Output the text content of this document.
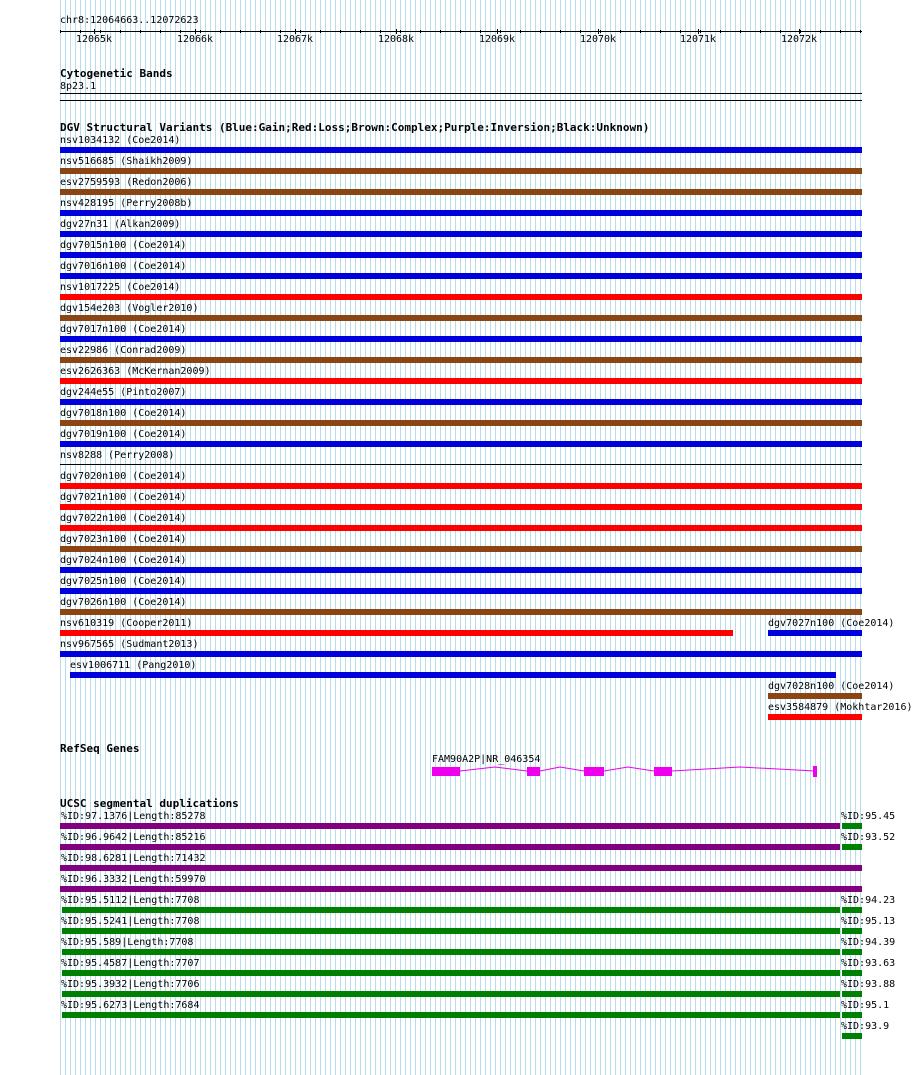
chr8:12064663..12072623
12065k	12066k	12067k	12068k	12069k	12070k	12071k	12072k
Cytogenetic Bands
8p23.1
DGV Structural Variants (Blue:Gain;Red:Loss;Brown:Complex;Purple:Inversion;Black:Unknown)
nsv1034132 (Coe2014)
nsv516685 (Shaikh2009)
esv2759593 (Redon2006)
nsv428195 (Perry2008b)
dgv27n31 (Alkan2009)
dgv7015n100 (Coe2014)
dgv7016n100 (Coe2014)
nsv1017225 (Coe2014)
dgv154e203 (Vogler2010)
dgv7017n100 (Coe2014)
esv22986 (Conrad2009)
esv2626363 (McKernan2009)
dgv244e55 (Pinto2007)
dgv7018n100 (Coe2014)
dgv7019n100 (Coe2014)
nsv8288 (Perry2008)
dgv7020n100 (Coe2014)
dgv7021n100 (Coe2014)
dgv7022n100 (Coe2014)
dgv7023n100 (Coe2014)
dgv7024n100 (Coe2014)
dgv7025n100 (Coe2014)
dgv7026n100 (Coe2014)
nsv610319 (Cooper2011)	dgv7027n100 (Coe2014)
nsv967565 (Sudmant2013)
esv1006711 (Pang2010)
dgv7028n100 (Coe2014)
esv3584879 (Mokhtar2016)
RefSeq Genes
FAM90A2P|NR_046354
UCSC segmental duplications
%ID:97.1376|Length:85278	%ID:95.45
%ID:96.9642|Length:85216	%ID:93.52
%ID:98.6281|Length:71432
%ID:96.3332|Length:59970
%ID:95.5112|Length:7708	%ID:94.23
%ID:95.5241|Length:7708	%ID:95.13
%ID:95.589|Length:7708	%ID:94.39
%ID:95.4587|Length:7707	%ID:93.63
%ID:95.3932|Length:7706	%ID:93.88
%ID:95.6273|Length:7684	%ID:95.1
%ID:93.9
